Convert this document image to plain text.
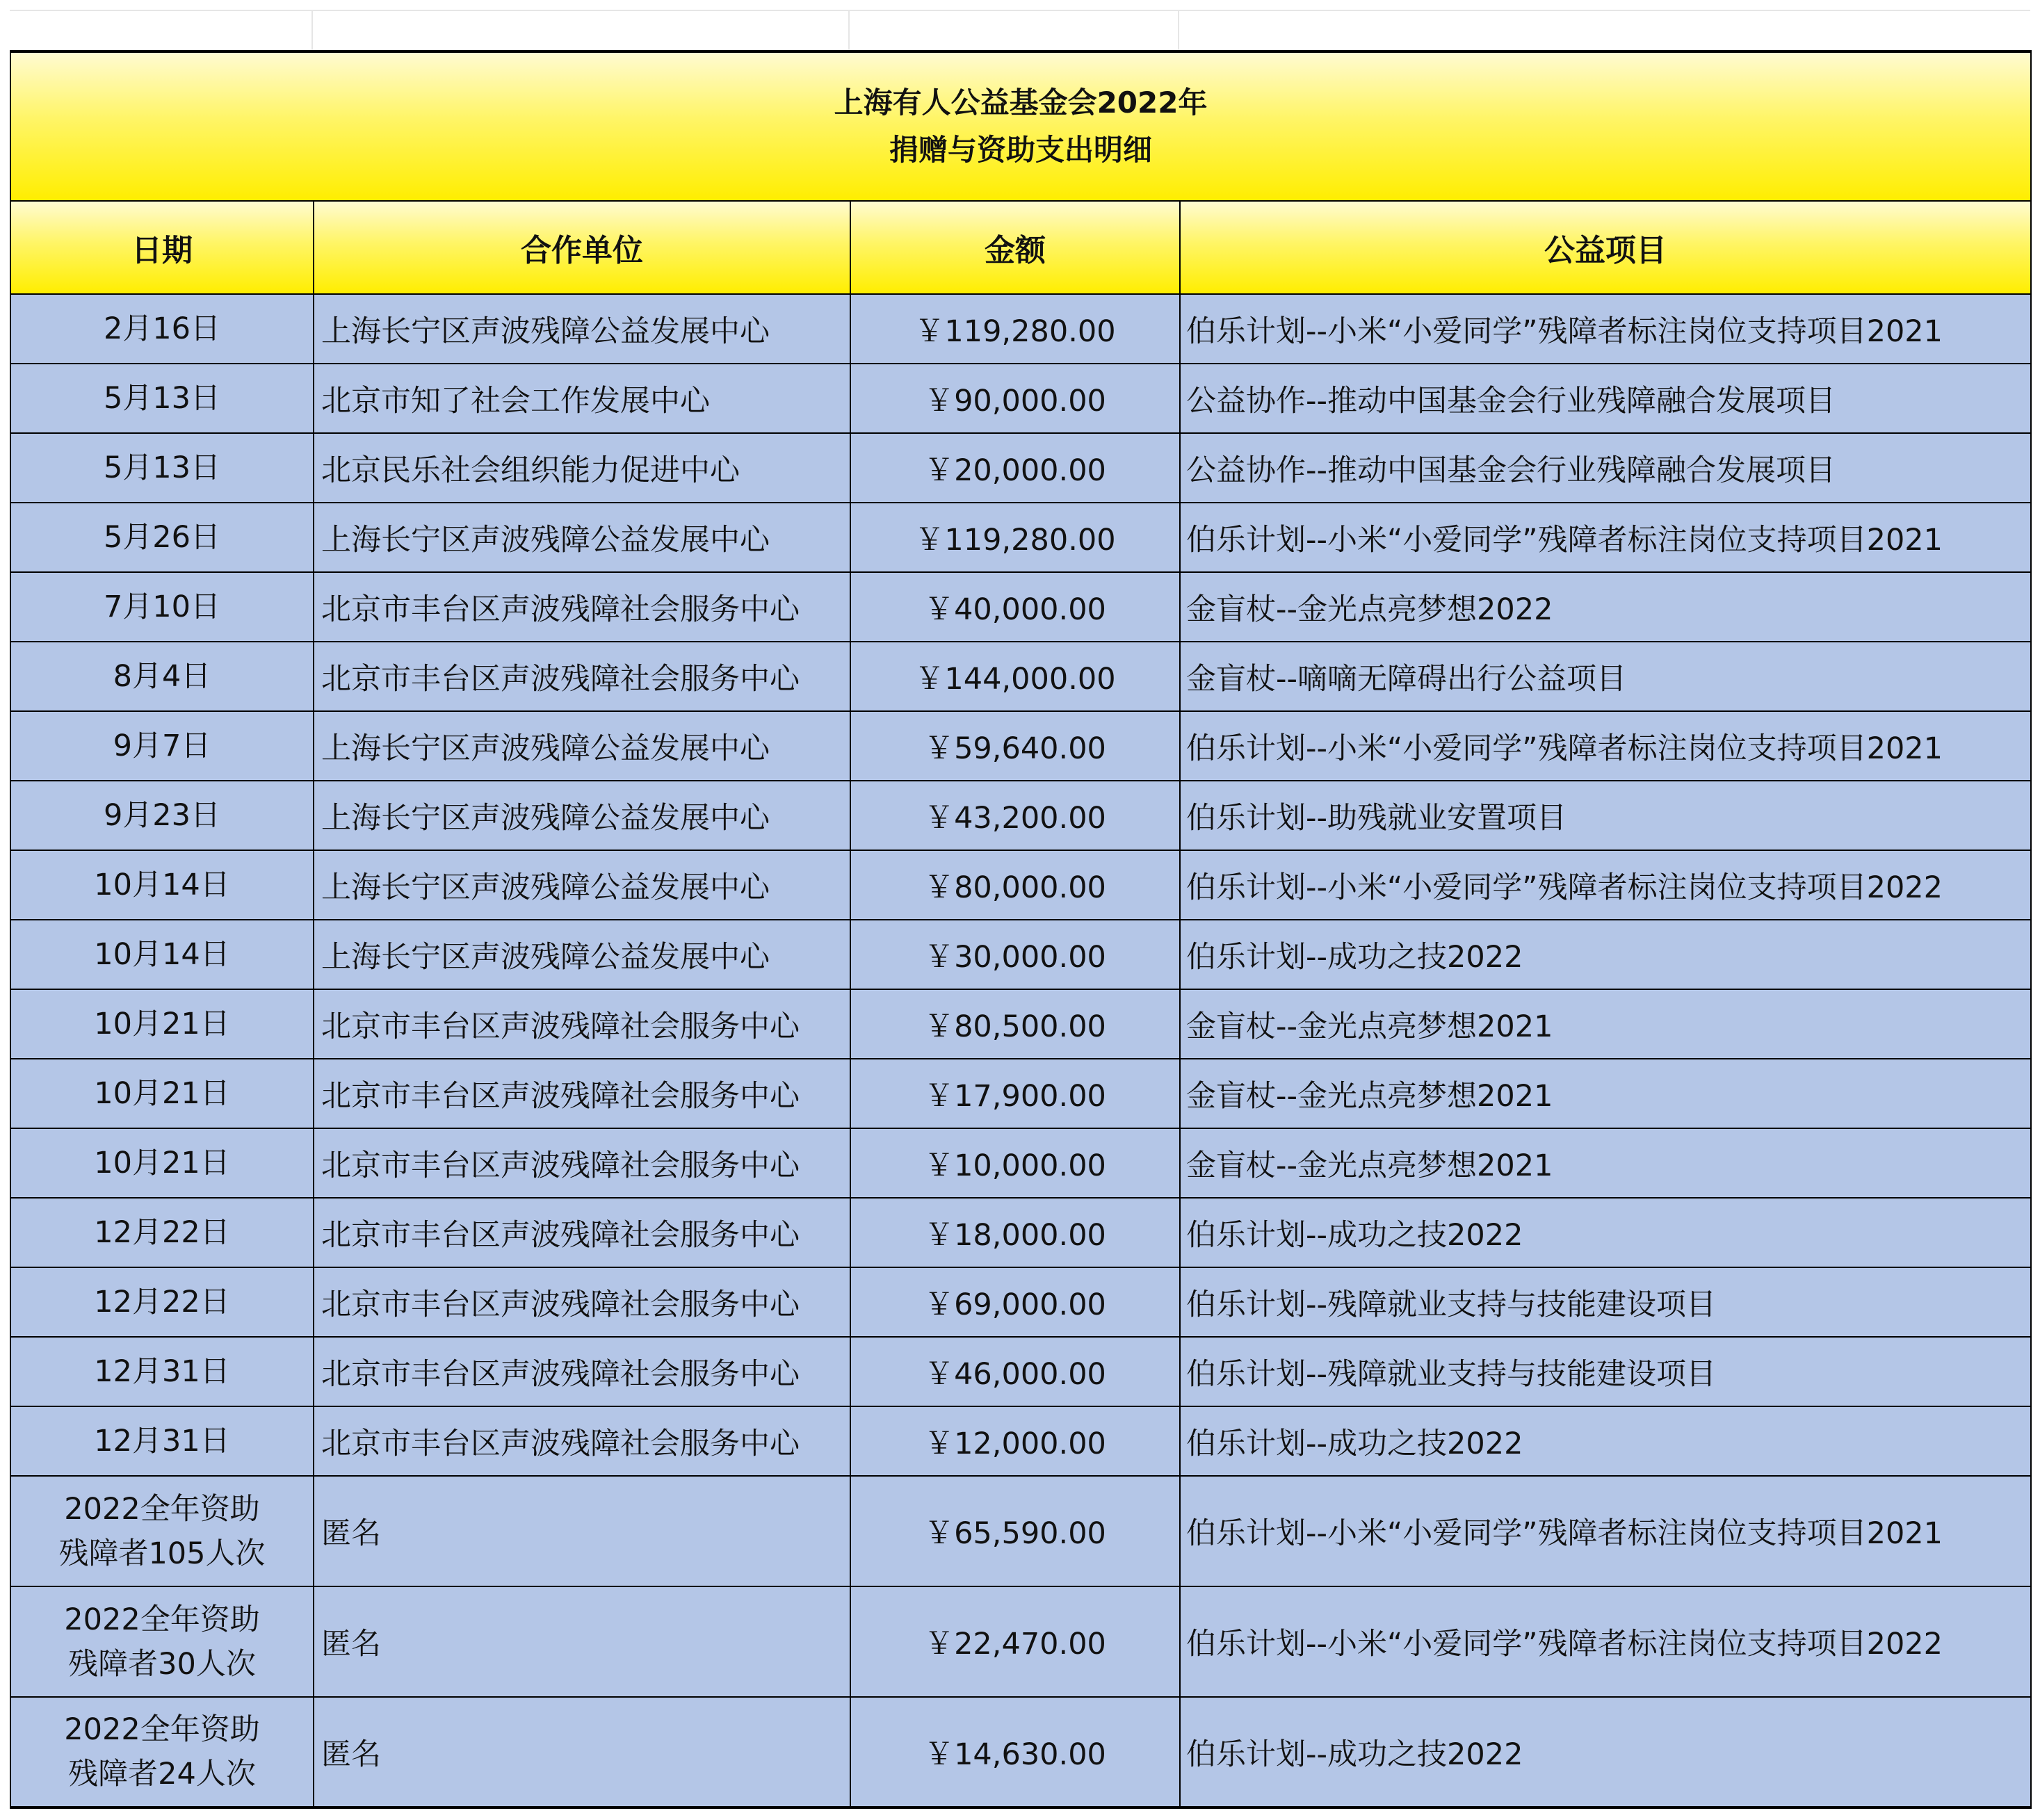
上海有人公益基金会2022年
捐赠与资助支出明细			

日期	合作单位	金额	公益项目

2月16日	上海长宁区声波残障公益发展中心	￥119,280.00	伯乐计划--小米“小爱同学”残障者标注岗位支持项目2021

5月13日	北京市知了社会工作发展中心	￥90,000.00	公益协作--推动中国基金会行业残障融合发展项目

5月13日	北京民乐社会组织能力促进中心	￥20,000.00	公益协作--推动中国基金会行业残障融合发展项目

5月26日	上海长宁区声波残障公益发展中心	￥119,280.00	伯乐计划--小米“小爱同学”残障者标注岗位支持项目2021

7月10日	北京市丰台区声波残障社会服务中心	￥40,000.00	金盲杖--金光点亮梦想2022

8月4日	北京市丰台区声波残障社会服务中心	￥144,000.00	金盲杖--嘀嘀无障碍出行公益项目

9月7日	上海长宁区声波残障公益发展中心	￥59,640.00	伯乐计划--小米“小爱同学”残障者标注岗位支持项目2021

9月23日	上海长宁区声波残障公益发展中心	￥43,200.00	伯乐计划--助残就业安置项目

10月14日	上海长宁区声波残障公益发展中心	￥80,000.00	伯乐计划--小米“小爱同学”残障者标注岗位支持项目2022

10月14日	上海长宁区声波残障公益发展中心	￥30,000.00	伯乐计划--成功之技2022

10月21日	北京市丰台区声波残障社会服务中心	￥80,500.00	金盲杖--金光点亮梦想2021

10月21日	北京市丰台区声波残障社会服务中心	￥17,900.00	金盲杖--金光点亮梦想2021

10月21日	北京市丰台区声波残障社会服务中心	￥10,000.00	金盲杖--金光点亮梦想2021

12月22日	北京市丰台区声波残障社会服务中心	￥18,000.00	伯乐计划--成功之技2022

12月22日	北京市丰台区声波残障社会服务中心	￥69,000.00	伯乐计划--残障就业支持与技能建设项目

12月31日	北京市丰台区声波残障社会服务中心	￥46,000.00	伯乐计划--残障就业支持与技能建设项目

12月31日	北京市丰台区声波残障社会服务中心	￥12,000.00	伯乐计划--成功之技2022

2022全年资助
残障者105人次	匿名	￥65,590.00	伯乐计划--小米“小爱同学”残障者标注岗位支持项目2021

2022全年资助
残障者30人次	匿名	￥22,470.00	伯乐计划--小米“小爱同学”残障者标注岗位支持项目2022

2022全年资助
残障者24人次	匿名	￥14,630.00	伯乐计划--成功之技2022
